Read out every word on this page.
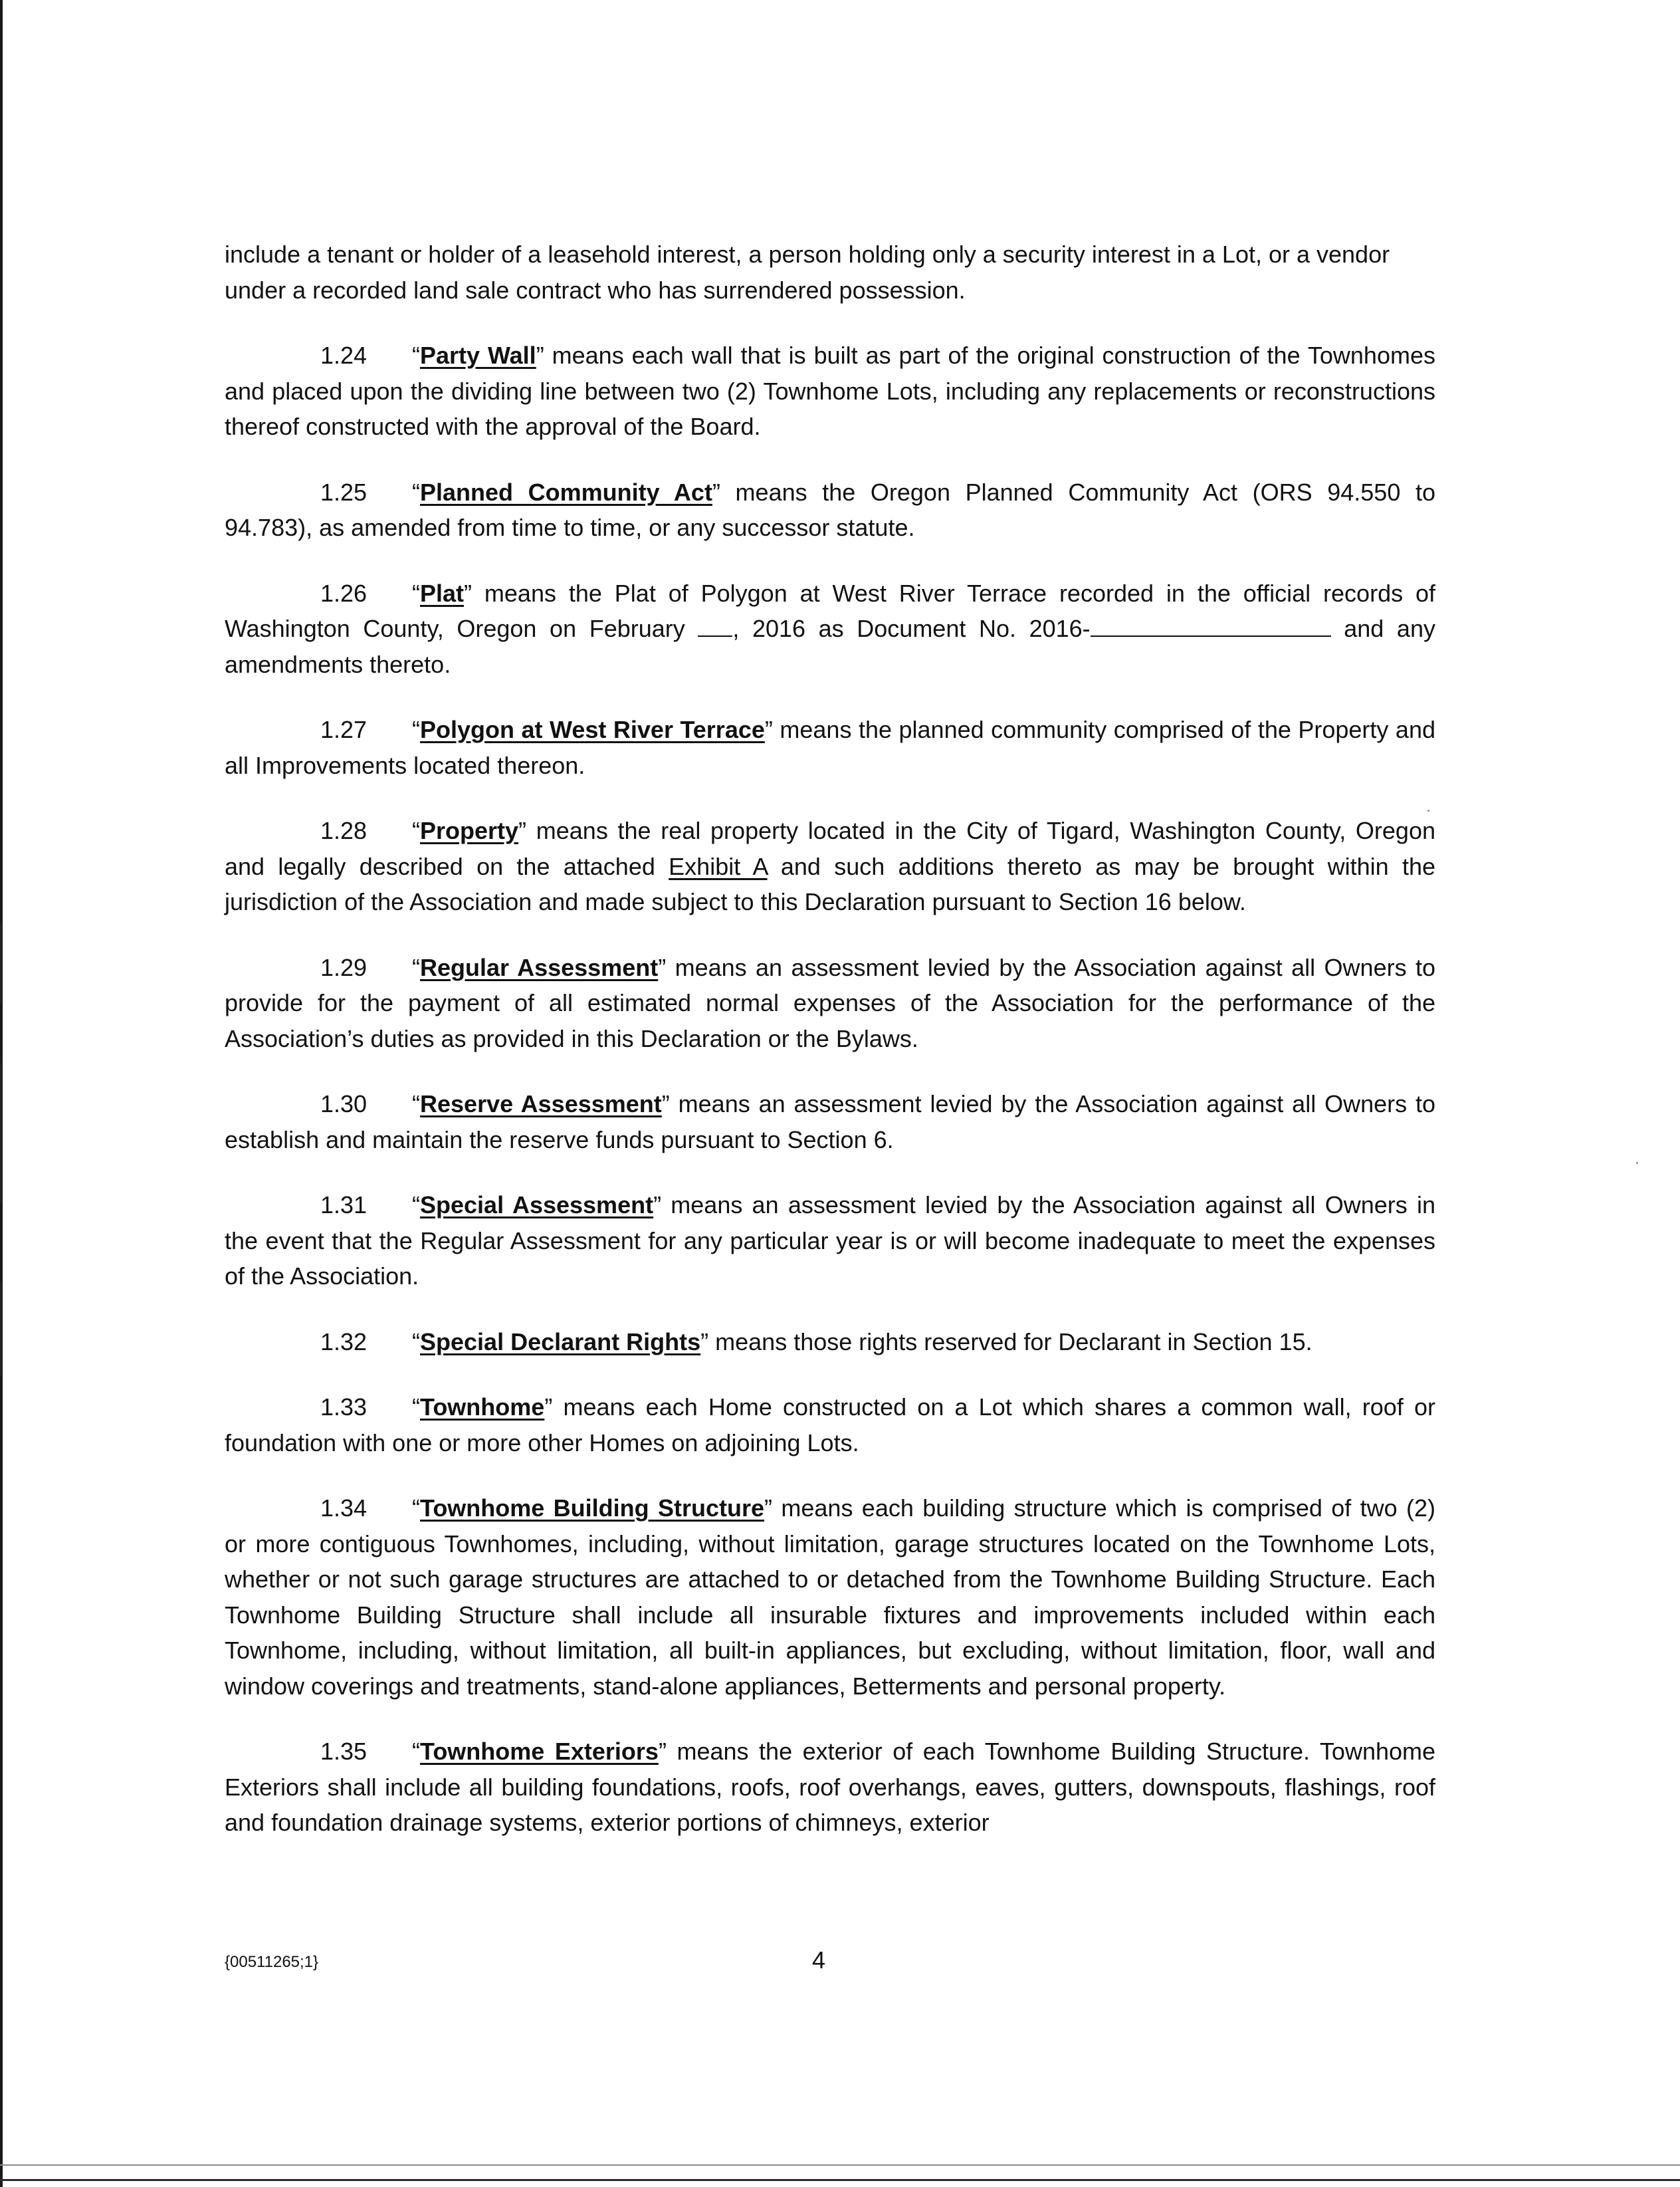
include a tenant or holder of a leasehold interest, a person holding only a security interest in a Lot, or a vendor under a recorded land sale contract who has surrendered possession.

1.24 “Party Wall” means each wall that is built as part of the original construction of the Townhomes and placed upon the dividing line between two (2) Townhome Lots, including any replacements or reconstructions thereof constructed with the approval of the Board.

1.25 “Planned Community Act” means the Oregon Planned Community Act (ORS 94.550 to 94.783), as amended from time to time, or any successor statute.

1.26 “Plat” means the Plat of Polygon at West River Terrace recorded in the official records of Washington County, Oregon on February , 2016 as Document No. 2016-	and any amendments thereto.

1.27 “Polygon at West River Terrace” means the planned community comprised of the Property and all Improvements located thereon.

1.28 “Property” means the real property located in the City of Tigard, Washington County, Oregon and legally described on the attached Exhibit A and such additions thereto as may be brought within the jurisdiction of the Association and made subject to this Declaration pursuant to Section 16 below.

1.29 “Regular Assessment” means an assessment levied by the Association against all Owners to provide for the payment of all estimated normal expenses of the Association for the performance of the Association’s duties as provided in this Declaration or the Bylaws.

1.30 “Reserve Assessment” means an assessment levied by the Association against all Owners to establish and maintain the reserve funds pursuant to Section 6.

1.31 “Special Assessment” means an assessment levied by the Association against all Owners in the event that the Regular Assessment for any particular year is or will become inadequate to meet the expenses of the Association.

1.32 “Special Declarant Rights” means those rights reserved for Declarant in Section 15.

1.33 “Townhome” means each Home constructed on a Lot which shares a common wall, roof or foundation with one or more other Homes on adjoining Lots.

1.34 “Townhome Building Structure” means each building structure which is comprised of two (2) or more contiguous Townhomes, including, without limitation, garage structures located on the Townhome Lots, whether or not such garage structures are attached to or detached from the Townhome Building Structure. Each Townhome Building Structure shall include all insurable fixtures and improvements included within each Townhome, including, without limitation, all built-in appliances, but excluding, without limitation, floor, wall and window coverings and treatments, stand-alone appliances, Betterments and personal property.

1.35 “Townhome Exteriors” means the exterior of each Townhome Building Structure. Townhome Exteriors shall include all building foundations, roofs, roof overhangs, eaves, gutters, downspouts, flashings, roof and foundation drainage systems, exterior portions of chimneys, exterior

{00511265;1}	4
